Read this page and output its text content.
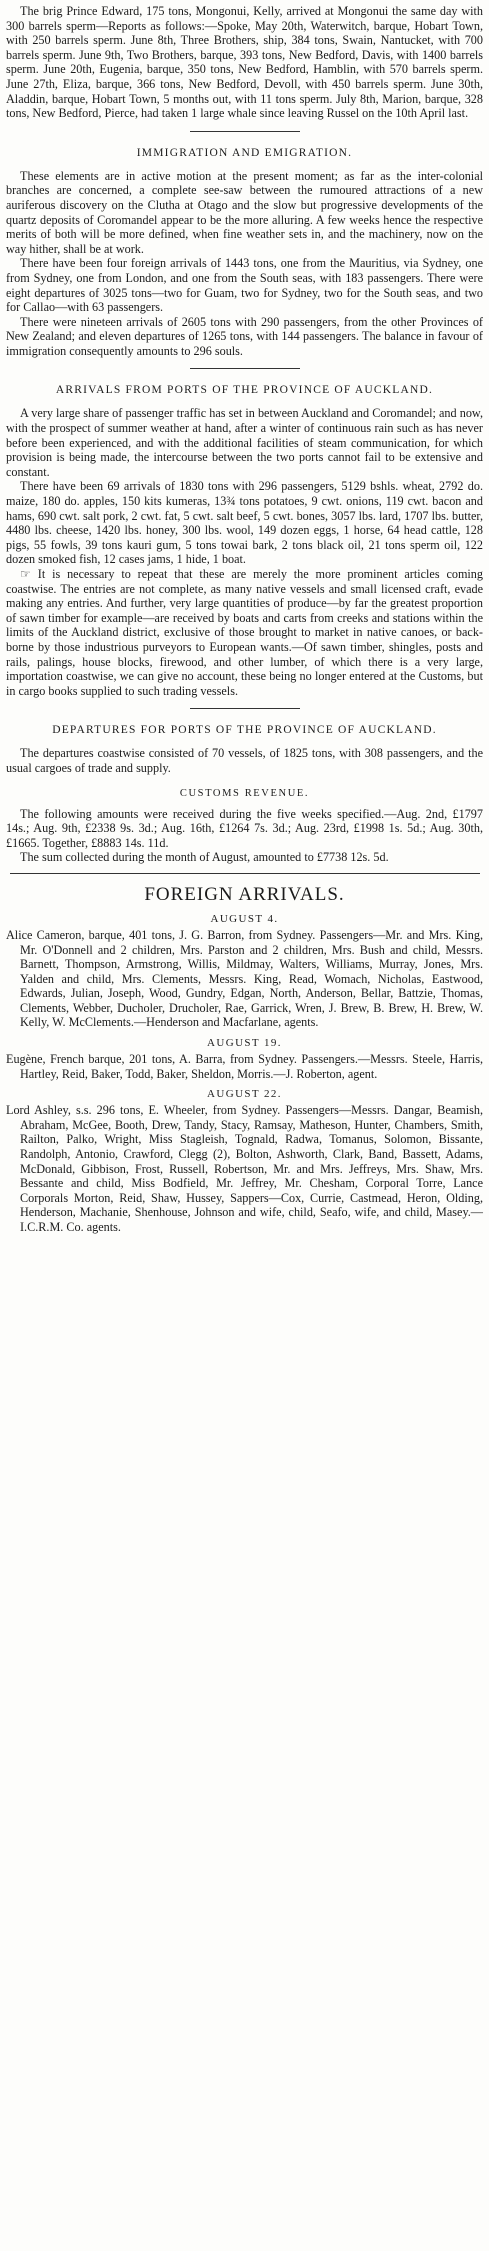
The brig Prince Edward, 175 tons, Mongonui, Kelly, arrived at Mongonui the same day with 300 barrels sperm—Reports as follows:—Spoke, May 20th, Waterwitch, barque, Hobart Town, with 250 barrels sperm. June 8th, Three Brothers, ship, 384 tons, Swain, Nantucket, with 700 barrels sperm. June 9th, Two Brothers, barque, 393 tons, New Bedford, Davis, with 1400 barrels sperm. June 20th, Eugenia, barque, 350 tons, New Bedford, Hamblin, with 570 barrels sperm. June 27th, Eliza, barque, 366 tons, New Bedford, Devoll, with 450 barrels sperm. June 30th, Aladdin, barque, Hobart Town, 5 months out, with 11 tons sperm. July 8th, Marion, barque, 328 tons, New Bedford, Pierce, had taken 1 large whale since leaving Russel on the 10th April last.

IMMIGRATION AND EMIGRATION.

These elements are in active motion at the present moment; as far as the inter-colonial branches are concerned, a complete see-saw between the rumoured attractions of a new auriferous discovery on the Clutha at Otago and the slow but progressive developments of the quartz deposits of Coromandel appear to be the more alluring. A few weeks hence the respective merits of both will be more defined, when fine weather sets in, and the machinery, now on the way hither, shall be at work.

There have been four foreign arrivals of 1443 tons, one from the Mauritius, via Sydney, one from Sydney, one from London, and one from the South seas, with 183 passengers. There were eight departures of 3025 tons—two for Guam, two for Sydney, two for the South seas, and two for Callao—with 63 passengers.

There were nineteen arrivals of 2605 tons with 290 passengers, from the other Provinces of New Zealand; and eleven departures of 1265 tons, with 144 passengers. The balance in favour of immigration consequently amounts to 296 souls.

ARRIVALS FROM PORTS OF THE PROVINCE OF AUCKLAND.

A very large share of passenger traffic has set in between Auckland and Coromandel; and now, with the prospect of summer weather at hand, after a winter of continuous rain such as has never before been experienced, and with the additional facilities of steam communication, for which provision is being made, the intercourse between the two ports cannot fail to be extensive and constant.

There have been 69 arrivals of 1830 tons with 296 passengers, 5129 bshls. wheat, 2792 do. maize, 180 do. apples, 150 kits kumeras, 13¾ tons potatoes, 9 cwt. onions, 119 cwt. bacon and hams, 690 cwt. salt pork, 2 cwt. fat, 5 cwt. salt beef, 5 cwt. bones, 3057 lbs. lard, 1707 lbs. butter, 4480 lbs. cheese, 1420 lbs. honey, 300 lbs. wool, 149 dozen eggs, 1 horse, 64 head cattle, 128 pigs, 55 fowls, 39 tons kauri gum, 5 tons towai bark, 2 tons black oil, 21 tons sperm oil, 122 dozen smoked fish, 12 cases jams, 1 hide, 1 boat.

☞ It is necessary to repeat that these are merely the more prominent articles coming coastwise. The entries are not complete, as many native vessels and small licensed craft, evade making any entries. And further, very large quantities of produce—by far the greatest proportion of sawn timber for example—are received by boats and carts from creeks and stations within the limits of the Auckland district, exclusive of those brought to market in native canoes, or back-borne by those industrious purveyors to European wants.—Of sawn timber, shingles, posts and rails, palings, house blocks, firewood, and other lumber, of which there is a very large, importation coastwise, we can give no account, these being no longer entered at the Customs, but in cargo books supplied to such trading vessels.

DEPARTURES FOR PORTS OF THE PROVINCE OF AUCKLAND.

The departures coastwise consisted of 70 vessels, of 1825 tons, with 308 passengers, and the usual cargoes of trade and supply.

CUSTOMS REVENUE.

The following amounts were received during the five weeks specified.—Aug. 2nd, £1797 14s.; Aug. 9th, £2338 9s. 3d.; Aug. 16th, £1264 7s. 3d.; Aug. 23rd, £1998 1s. 5d.; Aug. 30th, £1665. Together, £8883 14s. 11d.

The sum collected during the month of August, amounted to £7738 12s. 5d.

FOREIGN ARRIVALS.
AUGUST 4.

Alice Cameron, barque, 401 tons, J. G. Barron, from Sydney. Passengers—Mr. and Mrs. King, Mr. O'Donnell and 2 children, Mrs. Parston and 2 children, Mrs. Bush and child, Messrs. Barnett, Thompson, Armstrong, Willis, Mildmay, Walters, Williams, Murray, Jones, Mrs. Yalden and child, Mrs. Clements, Messrs. King, Read, Womach, Nicholas, Eastwood, Edwards, Julian, Joseph, Wood, Gundry, Edgan, North, Anderson, Bellar, Battzie, Thomas, Clements, Webber, Ducholer, Drucholer, Rae, Garrick, Wren, J. Brew, B. Brew, H. Brew, W. Kelly, W. McClements.—Henderson and Macfarlane, agents.

AUGUST 19.

Eugène, French barque, 201 tons, A. Barra, from Sydney. Passengers.—Messrs. Steele, Harris, Hartley, Reid, Baker, Todd, Baker, Sheldon, Morris.—J. Roberton, agent.

AUGUST 22.

Lord Ashley, s.s. 296 tons, E. Wheeler, from Sydney. Passengers—Messrs. Dangar, Beamish, Abraham, McGee, Booth, Drew, Tandy, Stacy, Ramsay, Matheson, Hunter, Chambers, Smith, Railton, Palko, Wright, Miss Stagleish, Tognald, Radwa, Tomanus, Solomon, Bissante, Randolph, Antonio, Crawford, Clegg (2), Bolton, Ashworth, Clark, Band, Bassett, Adams, McDonald, Gibbison, Frost, Russell, Robertson, Mr. and Mrs. Jeffreys, Mrs. Shaw, Mrs. Bessante and child, Miss Bodfield, Mr. Jeffrey, Mr. Chesham, Corporal Torre, Lance Corporals Morton, Reid, Shaw, Hussey, Sappers—Cox, Currie, Castmead, Heron, Olding, Henderson, Machanie, Shenhouse, Johnson and wife, child, Seafo, wife, and child, Masey.—I.C.R.M. Co. agents.
